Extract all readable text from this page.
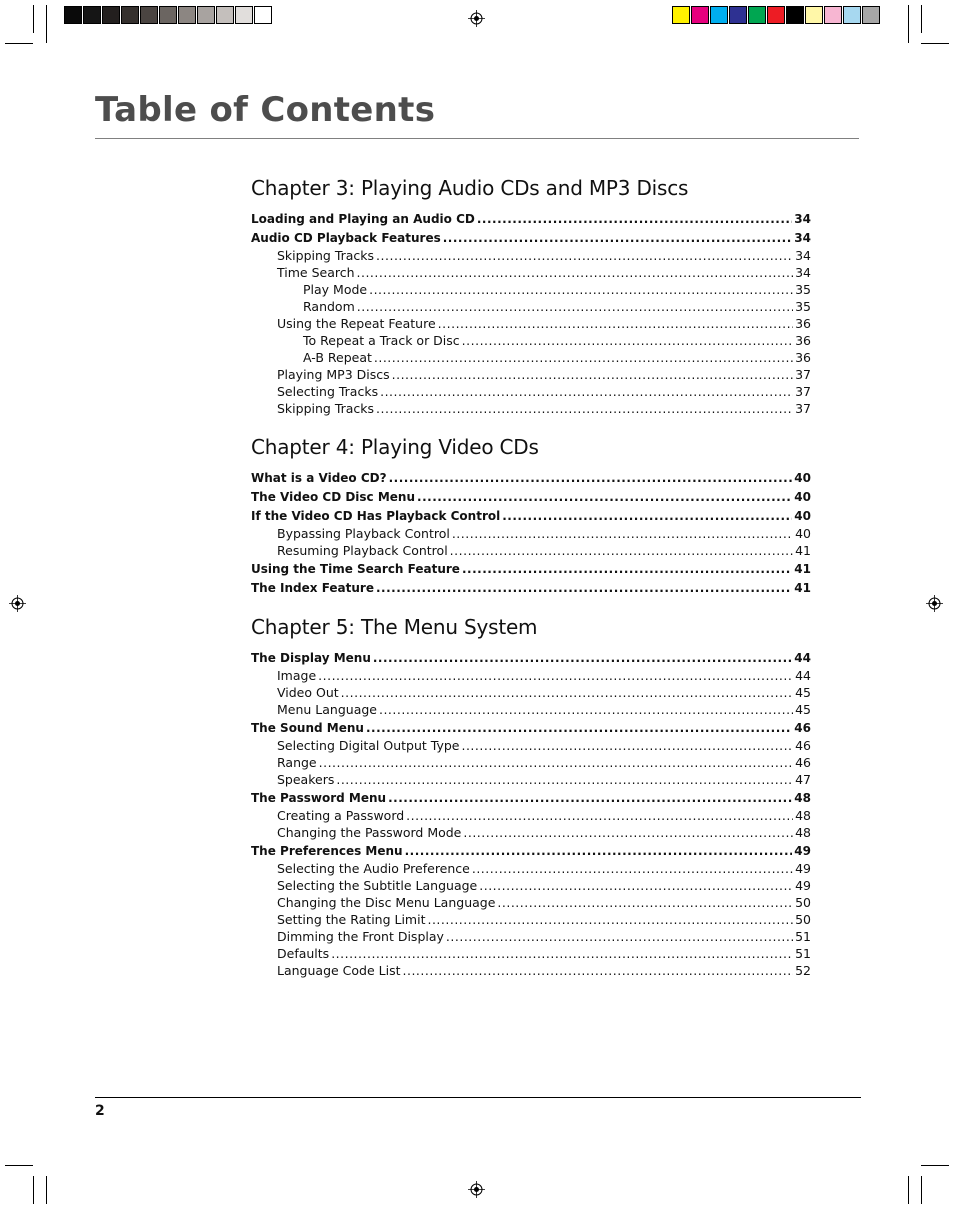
Table of Contents
Chapter 3: Playing Audio CDs and MP3 Discs
Loading and Playing an Audio CD .....	34
Audio CD Playback Features .....	34
Skipping Tracks .....	34
Time Search .....	34
Play Mode .....	35
Random .....	35
Using the Repeat Feature .....	36
To Repeat a Track or Disc .....	36
A-B Repeat .....	36
Playing MP3 Discs .....	37
Selecting Tracks .....	37
Skipping Tracks .....	37
Chapter 4: Playing Video CDs
What is a Video CD? .....	40
The Video CD Disc Menu .....	40
If the Video CD Has Playback Control .....	40
Bypassing Playback Control .....	40
Resuming Playback Control .....	41
Using the Time Search Feature .....	41
The Index Feature .....	41
Chapter 5: The Menu System
The Display Menu .....	44
Image .....	44
Video Out .....	45
Menu Language .....	45
The Sound Menu .....	46
Selecting Digital Output Type .....	46
Range .....	46
Speakers .....	47
The Password Menu .....	48
Creating a Password .....	48
Changing the Password Mode .....	48
The Preferences Menu .....	49
Selecting the Audio Preference .....	49
Selecting the Subtitle Language .....	49
Changing the Disc Menu Language .....	50
Setting the Rating Limit .....	50
Dimming the Front Display .....	51
Defaults .....	51
Language Code List .....	52
2
